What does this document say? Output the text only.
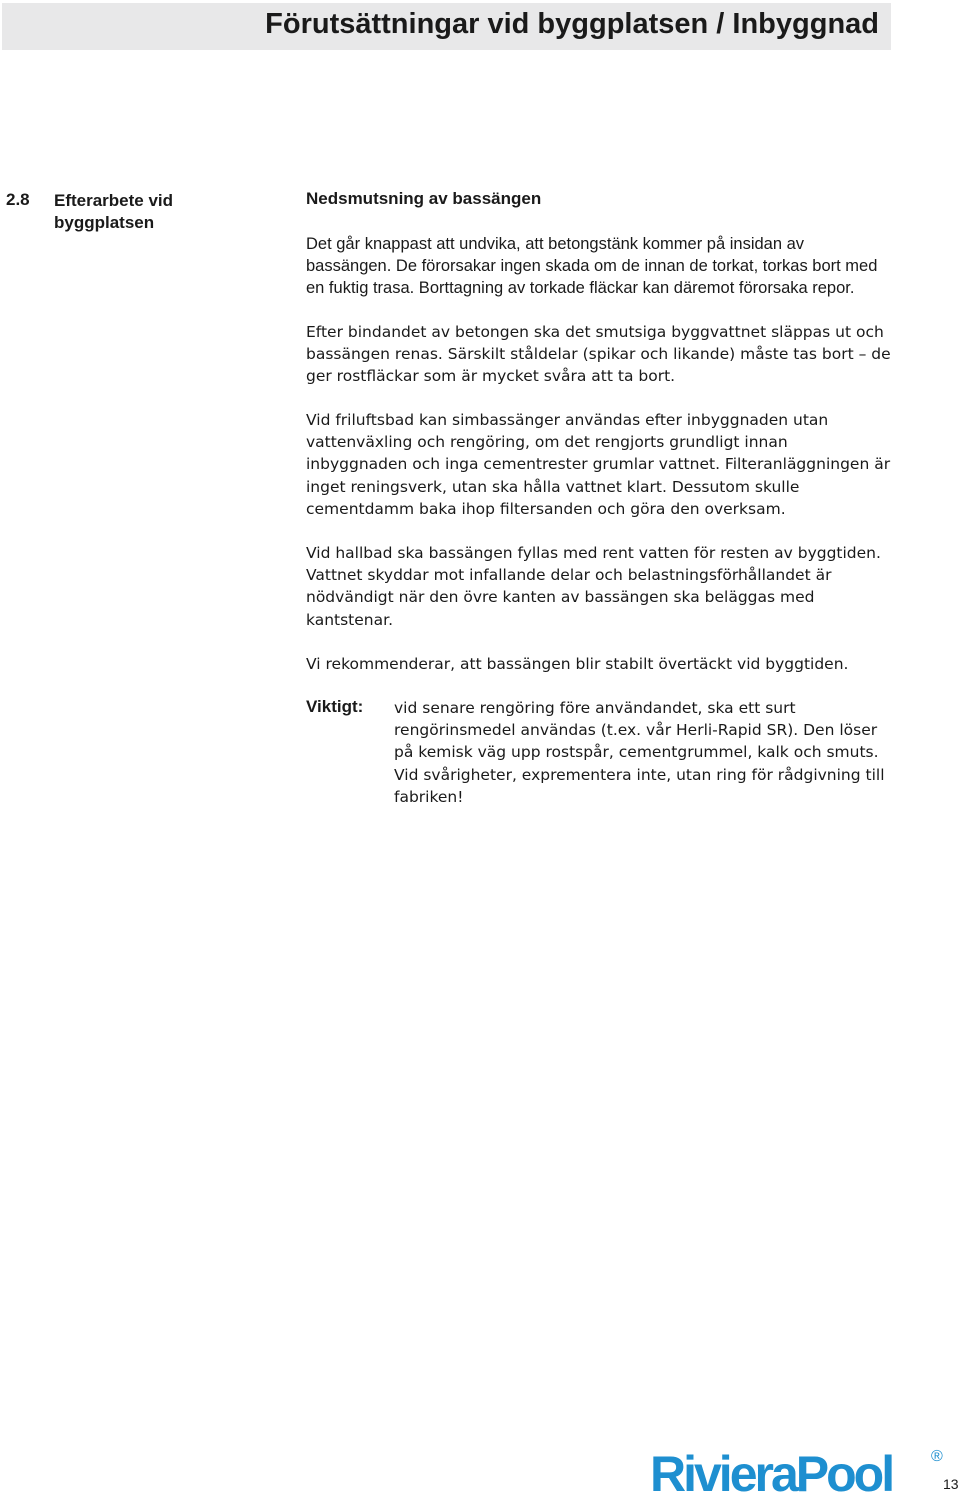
Förutsättningar vid byggplatsen / Inbyggnad
2.8 Efterarbete vid byggplatsen
Nedsmutsning av bassängen

Det går knappast att undvika, att betongstänk kommer på insidan av bassängen. De förorsakar ingen skada om de innan de torkat, torkas bort med en fuktig trasa. Borttagning av torkade fläckar kan däremot förorsaka repor.

Efter bindandet av betongen ska det smutsiga byggvattnet släppas ut och bassängen renas. Särskilt ståldelar (spikar och likande) måste tas bort – de ger rostfläckar som är mycket svåra att ta bort.

Vid friluftsbad kan simbassänger användas efter inbyggnaden utan vattenväxling och rengöring, om det rengjorts grundligt innan inbyggnaden och inga cementrester grumlar vattnet. Filteranläggningen är inget reningsverk, utan ska hålla vattnet klart. Dessutom skulle cementdamm baka ihop filtersanden och göra den overksam.

Vid hallbad ska bassängen fyllas med rent vatten för resten av byggtiden. Vattnet skyddar mot infallande delar och belastningsförhållandet är nödvändigt när den övre kanten av bassängen ska beläggas med kantstenar.

Vi rekommenderar, att bassängen blir stabilt övertäckt vid byggtiden.

Viktigt: vid senare rengöring före användandet, ska ett surt rengörinsmedel användas (t.ex. vår Herli-Rapid SR). Den löser på kemisk väg upp rostspår, cementgrummel, kalk och smuts. Vid svårigheter, exprementera inte, utan ring för rådgivning till fabriken!
RivieraPool ®
13
